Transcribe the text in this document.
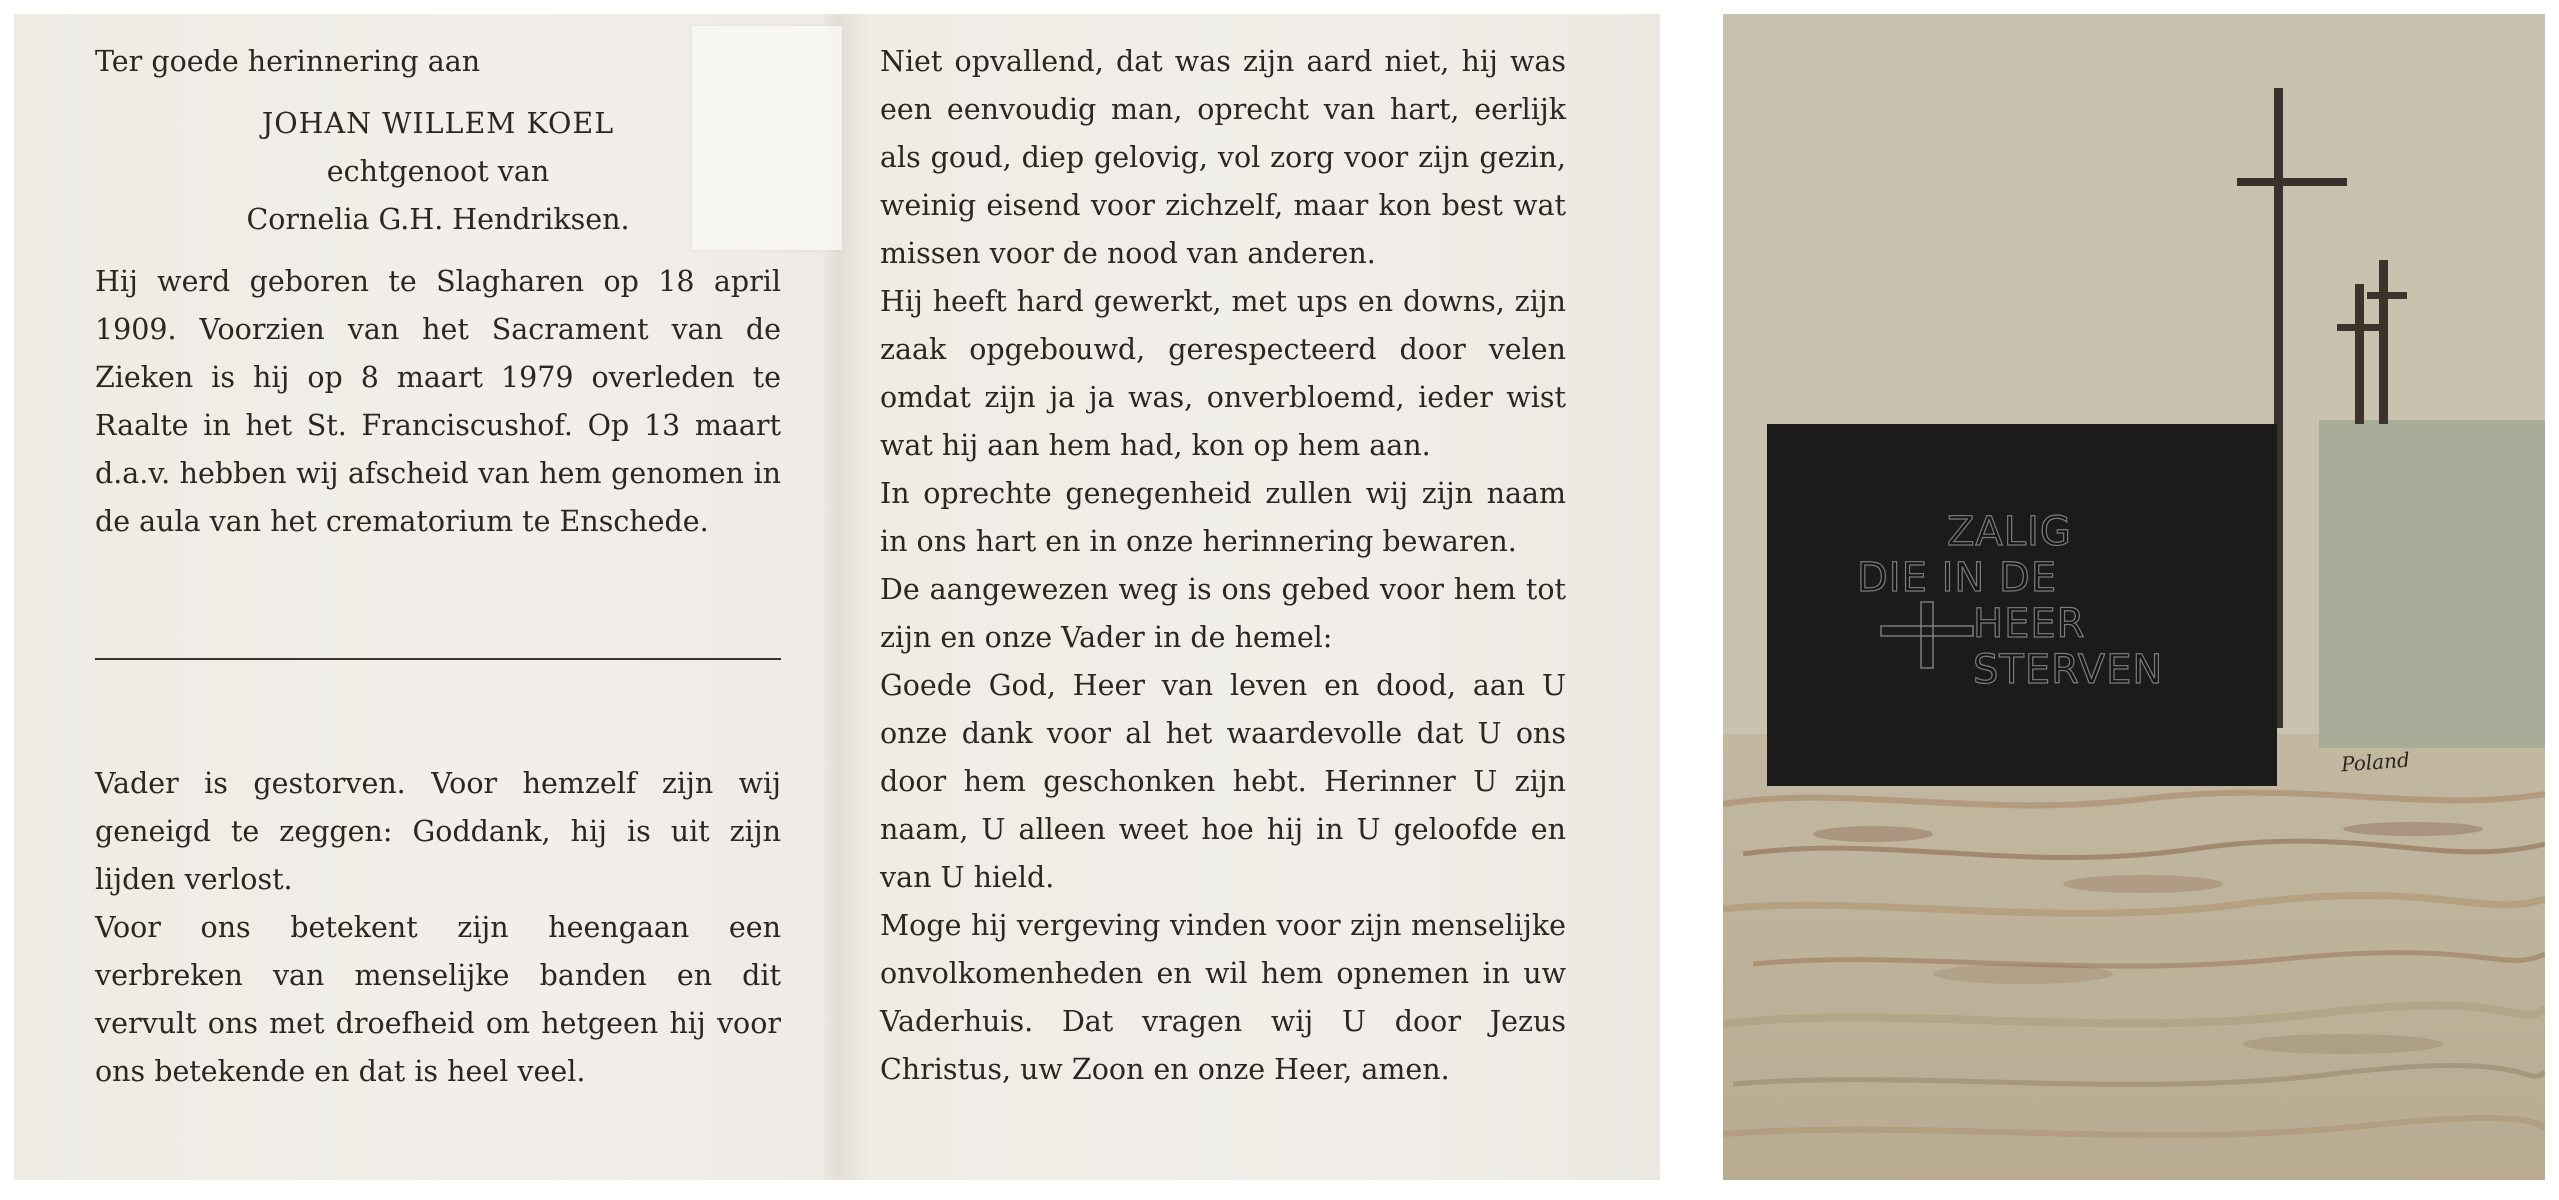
Ter goede herinnering aan
JOHAN WILLEM KOEL
echtgenoot van
Cornelia G.H. Hendriksen.

Hij werd geboren te Slagharen op 18 april 1909. Voorzien van het Sacrament van de Zieken is hij op 8 maart 1979 overleden te Raalte in het St. Franciscushof. Op 13 maart d.a.v. hebben wij afscheid van hem genomen in de aula van het crematorium te Enschede.

Vader is gestorven. Voor hemzelf zijn wij geneigd te zeggen: Goddank, hij is uit zijn lijden verlost.

Voor ons betekent zijn heengaan een verbreken van menselijke banden en dit vervult ons met droefheid om hetgeen hij voor ons betekende en dat is heel veel.

Niet opvallend, dat was zijn aard niet, hij was een eenvoudig man, oprecht van hart, eerlijk als goud, diep gelovig, vol zorg voor zijn gezin, weinig eisend voor zichzelf, maar kon best wat missen voor de nood van anderen.

Hij heeft hard gewerkt, met ups en downs, zijn zaak opgebouwd, gerespecteerd door velen omdat zijn ja ja was, onverbloemd, ieder wist wat hij aan hem had, kon op hem aan.

In oprechte genegenheid zullen wij zijn naam in ons hart en in onze herinnering bewaren.

De aangewezen weg is ons gebed voor hem tot zijn en onze Vader in de hemel:

Goede God, Heer van leven en dood, aan U onze dank voor al het waardevolle dat U ons door hem geschonken hebt. Herinner U zijn naam, U alleen weet hoe hij in U geloofde en van U hield.

Moge hij vergeving vinden voor zijn menselijke onvolkomenheden en wil hem opnemen in uw Vaderhuis. Dat vragen wij U door Jezus Christus, uw Zoon en onze Heer, amen.

ZALIG
DIE IN DE
HEER
STERVEN
Poland
